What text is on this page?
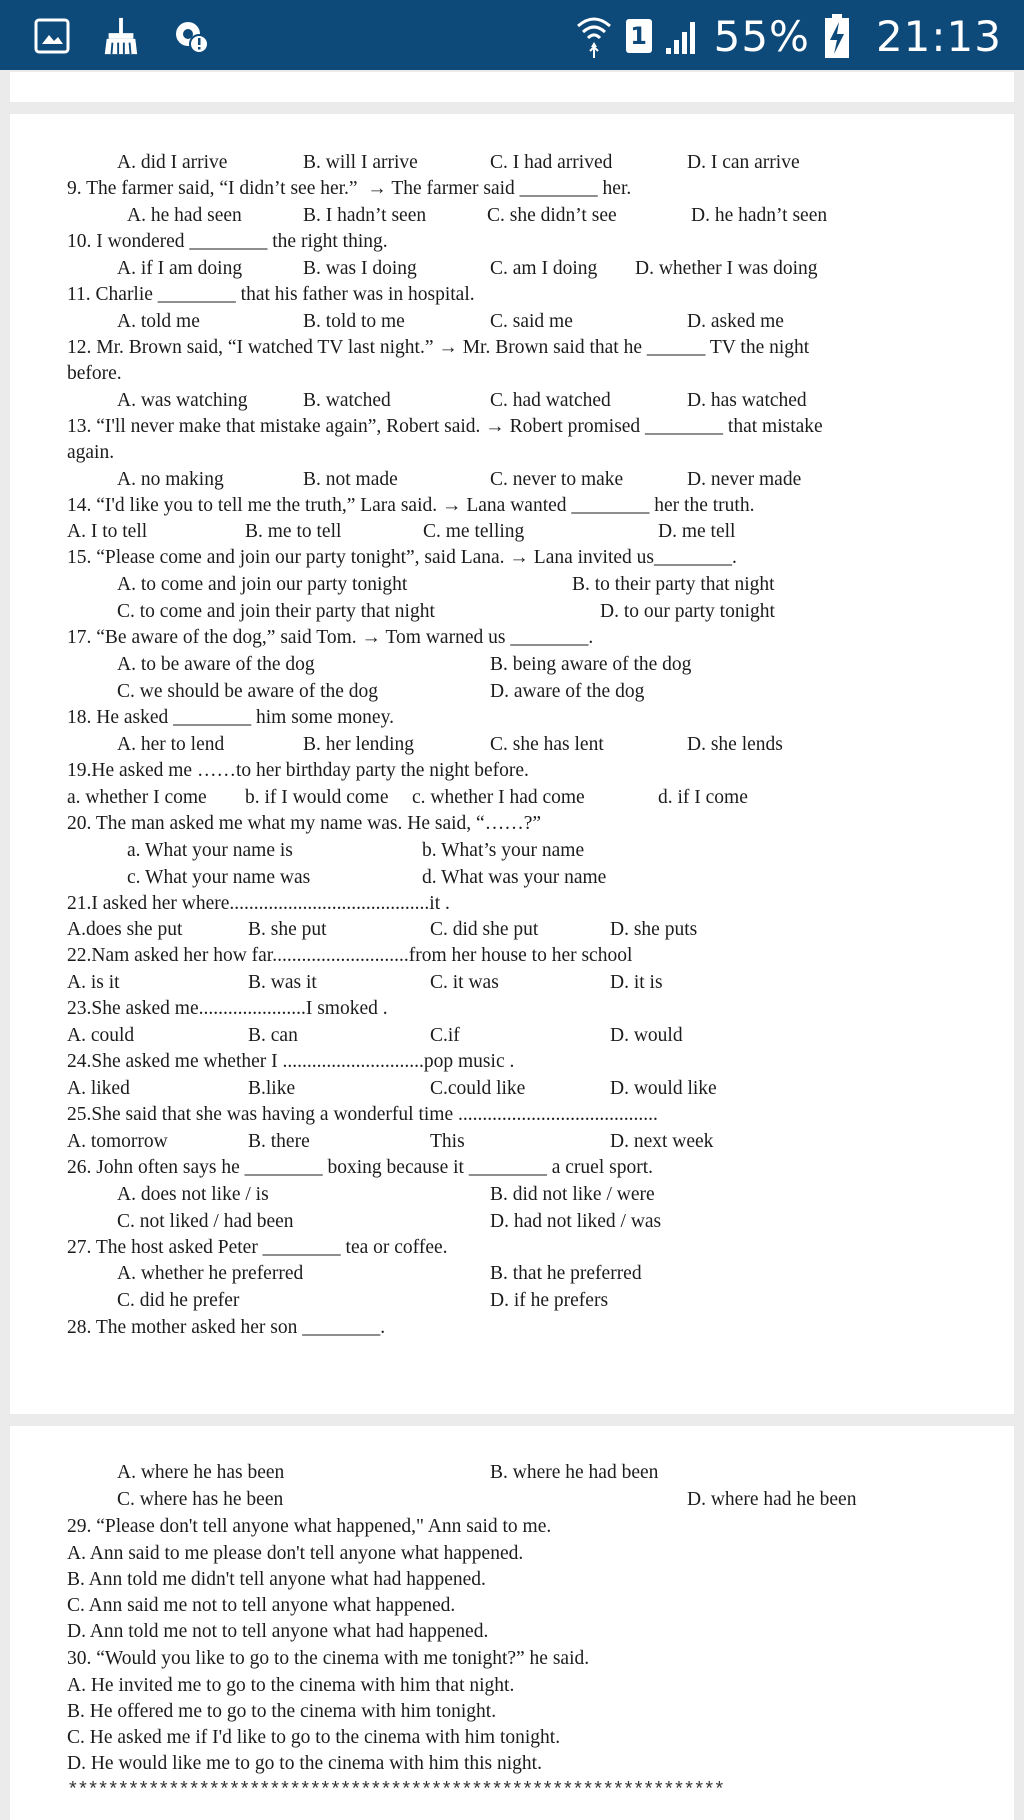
1 55% 21:13
A. did I arrive	B. will I arrive	C. I had arrived	D. I can arrive
9. The farmer said, “I didn’t see her.”  → The farmer said ________ her.
A. he had seen	B. I hadn’t seen	C. she didn’t see	D. he hadn’t seen
10. I wondered ________ the right thing.
A. if I am doing	B. was I doing	C. am I doing D. whether I was doing
11. Charlie ________ that his father was in hospital.
A. told me	B. told to me	C. said me	D. asked me
12. Mr. Brown said, “I watched TV last night.” → Mr. Brown said that he ______ TV the night
before.
A. was watching	B. watched	C. had watched	D. has watched
13. “I'll never make that mistake again”, Robert said. → Robert promised ________ that mistake
again.
A. no making	B. not made	C. never to make	D. never made
14. “I'd like you to tell me the truth,” Lara said. → Lana wanted ________ her the truth.
A. I to tell	B. me to tell	C. me telling	D. me tell
15. “Please come and join our party tonight”, said Lana. → Lana invited us________.
A. to come and join our party tonight	B. to their party that night
C. to come and join their party that night	D. to our party tonight
17. “Be aware of the dog,” said Tom. → Tom warned us ________.
A. to be aware of the dog	B. being aware of the dog
C. we should be aware of the dog	D. aware of the dog
18. He asked ________ him some money.
A. her to lend	B. her lending	C. she has lent	D. she lends
19.He asked me ……to her birthday party the night before.
a. whether I come b. if I would come c. whether I had come	d. if I come
20. The man asked me what my name was. He said, “……?”
a. What your name is	b. What’s your name
c. What your name was	d. What was your name
21.I asked her where.........................................it .
A.does she put	B. she put	C. did she put	D. she puts
22.Nam asked her how far............................from her house to her school
A. is it	B. was it	C. it was	D. it is
23.She asked me......................I smoked .
A. could	B. can	C.if	D. would
24.She asked me whether I .............................pop music .
A. liked	B.like	C.could like	D. would like
25.She said that she was having a wonderful time .........................................
A. tomorrow	B. there	This	D. next week
26. John often says he ________ boxing because it ________ a cruel sport.
A. does not like / is	B. did not like / were
C. not liked / had been	D. had not liked / was
27. The host asked Peter ________ tea or coffee.
A. whether he preferred	B. that he preferred
C. did he prefer	D. if he prefers
28. The mother asked her son ________.
A. where he has been	B. where he had been
C. where has he been	D. where had he been
29. “Please don't tell anyone what happened," Ann said to me.
A. Ann said to me please don't tell anyone what happened.
B. Ann told me didn't tell anyone what had happened.
C. Ann said me not to tell anyone what happened.
D. Ann told me not to tell anyone what had happened.
30. “Would you like to go to the cinema with me tonight?” he said.
A. He invited me to go to the cinema with him that night.
B. He offered me to go to the cinema with him tonight.
C. He asked me if I'd like to go to the cinema with him tonight.
D. He would like me to go to the cinema with him this night.
*****************************************************************
